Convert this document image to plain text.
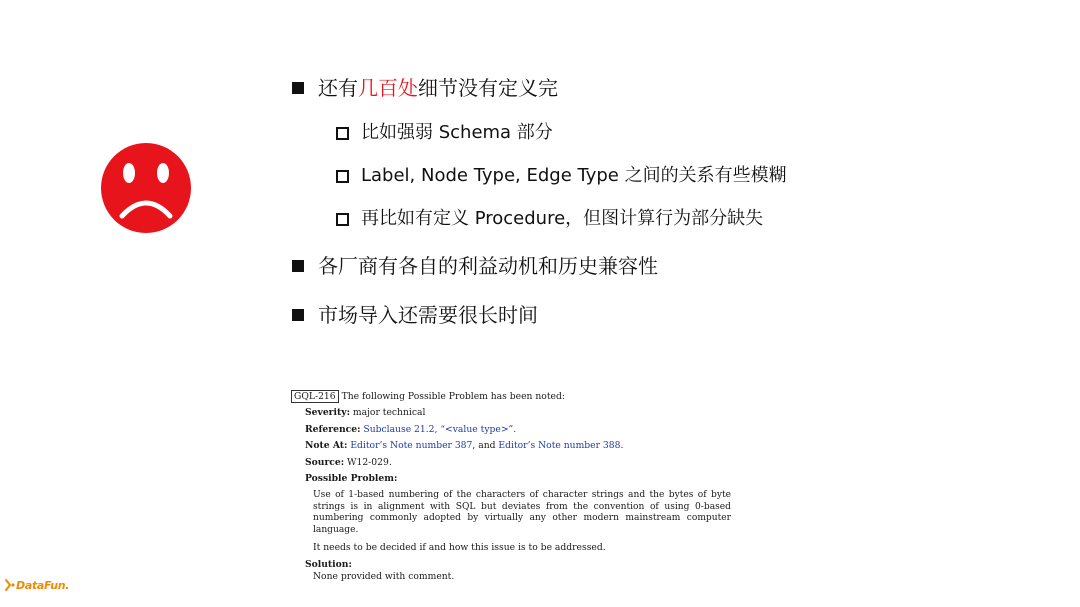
还有几百处细节没有定义完
比如强弱 Schema 部分
Label, Node Type, Edge Type 之间的关系有些模糊
再比如有定义 Procedure，但图计算行为部分缺失
各厂商有各自的利益动机和历史兼容性
市场导入还需要很长时间
GQL-216 The following Possible Problem has been noted:
Severity: major technical
Reference: Subclause 21.2, “<value type>”.
Note At: Editor’s Note number 387, and Editor’s Note number 388.
Source: W12-029.
Possible Problem:
Use of 1-based numbering of the characters of character strings and the bytes of byte strings is in alignment with SQL but deviates from the convention of using 0-based numbering commonly adopted by virtually any other modern mainstream computer language.
It needs to be decided if and how this issue is to be addressed.
Solution:
None provided with comment.
DataFun.
